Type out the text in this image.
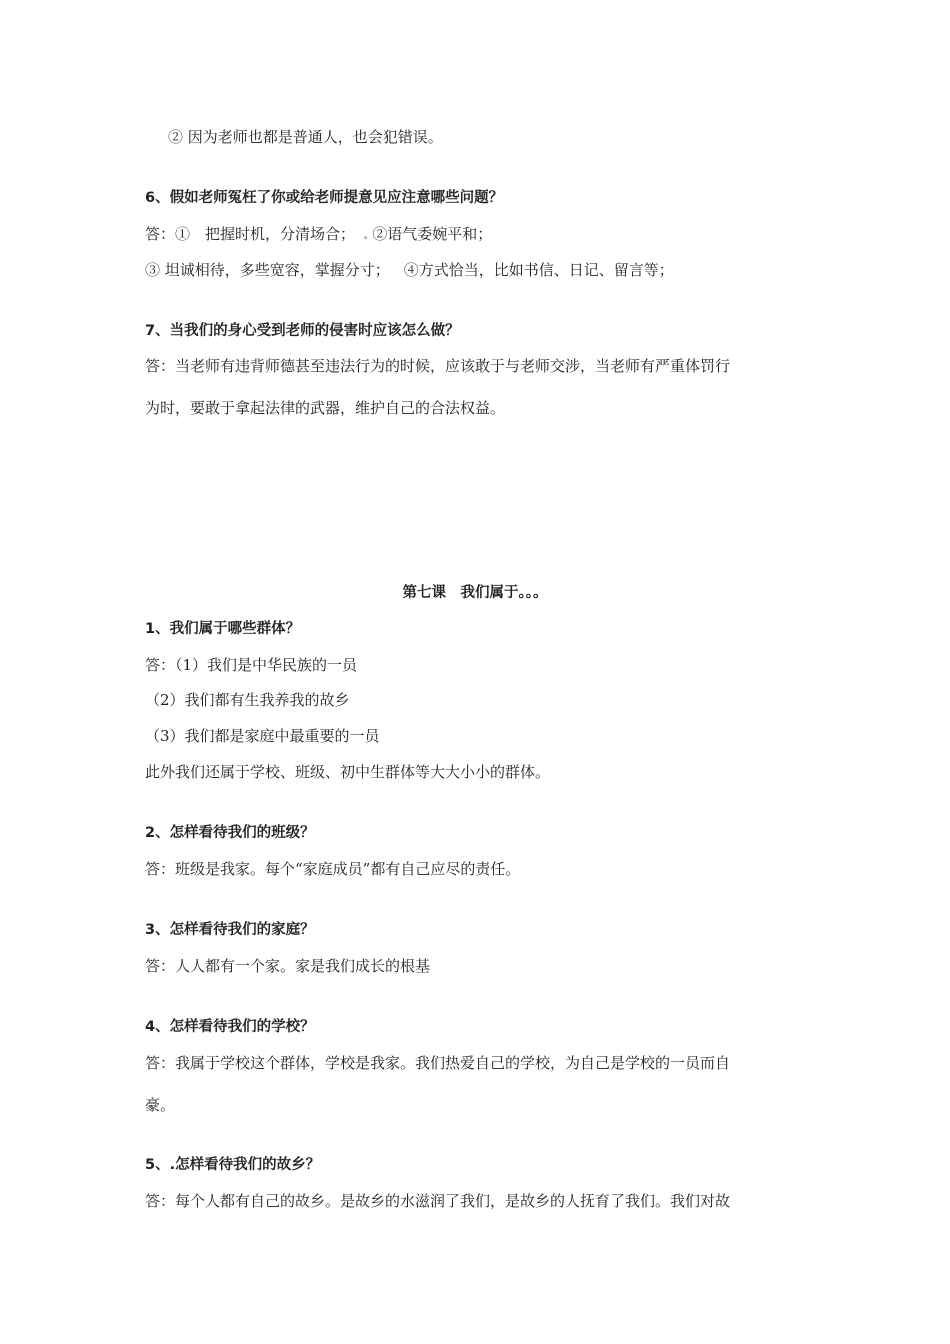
② 因为老师也都是普通人，也会犯错误。
6、假如老师冤枉了你或给老师提意见应注意哪些问题？
答：①　把握时机，分清场合； . ②语气委婉平和；
③ 坦诚相待，多些宽容，掌握分寸； ④方式恰当，比如书信、日记、留言等；
7、当我们的身心受到老师的侵害时应该怎么做？
答：当老师有违背师德甚至违法行为的时候，应该敢于与老师交涉，当老师有严重体罚行
为时，要敢于拿起法律的武器，维护自己的合法权益。
第七课　我们属于。。。
1、我们属于哪些群体？
答：（1）我们是中华民族的一员
（2）我们都有生我养我的故乡
（3）我们都是家庭中最重要的一员
此外我们还属于学校、班级、初中生群体等大大小小的群体。
2、怎样看待我们的班级？
答：班级是我家。每个“家庭成员”都有自己应尽的责任。
3、怎样看待我们的家庭？
答：人人都有一个家。家是我们成长的根基
4、怎样看待我们的学校？
答：我属于学校这个群体，学校是我家。我们热爱自己的学校，为自己是学校的一员而自
豪。
5、.怎样看待我们的故乡？
答：每个人都有自己的故乡。是故乡的水滋润了我们，是故乡的人抚育了我们。我们对故
